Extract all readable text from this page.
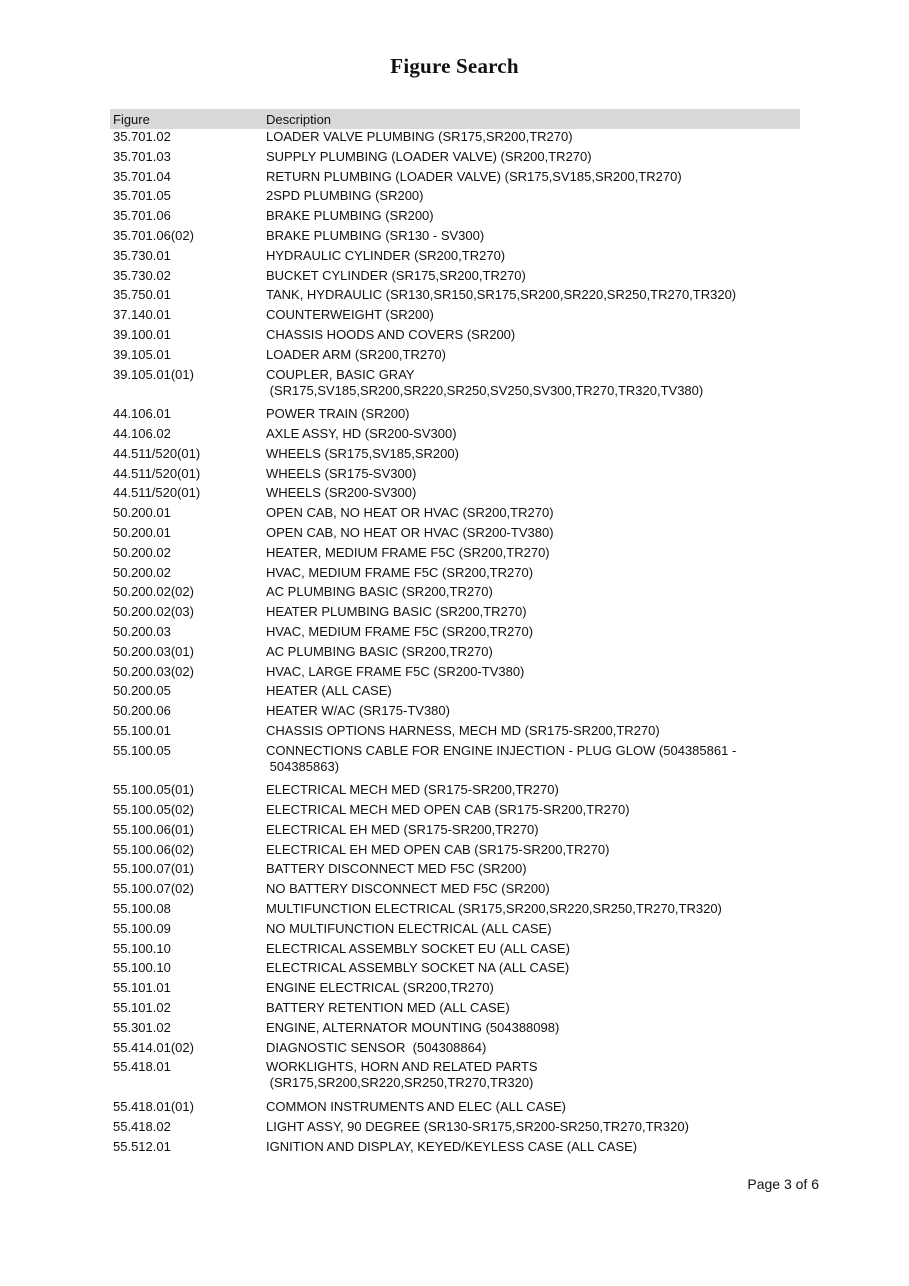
Figure Search
Figure	Description
35.701.02	LOADER VALVE PLUMBING (SR175,SR200,TR270)
35.701.03	SUPPLY PLUMBING (LOADER VALVE) (SR200,TR270)
35.701.04	RETURN PLUMBING (LOADER VALVE) (SR175,SV185,SR200,TR270)
35.701.05	2SPD PLUMBING (SR200)
35.701.06	BRAKE PLUMBING (SR200)
35.701.06(02)	BRAKE PLUMBING (SR130 - SV300)
35.730.01	HYDRAULIC CYLINDER (SR200,TR270)
35.730.02	BUCKET CYLINDER (SR175,SR200,TR270)
35.750.01	TANK, HYDRAULIC (SR130,SR150,SR175,SR200,SR220,SR250,TR270,TR320)
37.140.01	COUNTERWEIGHT (SR200)
39.100.01	CHASSIS HOODS AND COVERS (SR200)
39.105.01	LOADER ARM (SR200,TR270)
39.105.01(01)	COUPLER, BASIC GRAY
(SR175,SV185,SR200,SR220,SR250,SV250,SV300,TR270,TR320,TV380)
44.106.01	POWER TRAIN (SR200)
44.106.02	AXLE ASSY, HD (SR200-SV300)
44.511/520(01)	WHEELS (SR175,SV185,SR200)
44.511/520(01)	WHEELS (SR175-SV300)
44.511/520(01)	WHEELS (SR200-SV300)
50.200.01	OPEN CAB, NO HEAT OR HVAC (SR200,TR270)
50.200.01	OPEN CAB, NO HEAT OR HVAC (SR200-TV380)
50.200.02	HEATER, MEDIUM FRAME F5C (SR200,TR270)
50.200.02	HVAC, MEDIUM FRAME F5C (SR200,TR270)
50.200.02(02)	AC PLUMBING BASIC (SR200,TR270)
50.200.02(03)	HEATER PLUMBING BASIC (SR200,TR270)
50.200.03	HVAC, MEDIUM FRAME F5C (SR200,TR270)
50.200.03(01)	AC PLUMBING BASIC (SR200,TR270)
50.200.03(02)	HVAC, LARGE FRAME F5C (SR200-TV380)
50.200.05	HEATER (ALL CASE)
50.200.06	HEATER W/AC (SR175-TV380)
55.100.01	CHASSIS OPTIONS HARNESS, MECH MD (SR175-SR200,TR270)
55.100.05	CONNECTIONS CABLE FOR ENGINE INJECTION - PLUG GLOW (504385861 -
504385863)
55.100.05(01)	ELECTRICAL MECH MED (SR175-SR200,TR270)
55.100.05(02)	ELECTRICAL MECH MED OPEN CAB (SR175-SR200,TR270)
55.100.06(01)	ELECTRICAL EH MED (SR175-SR200,TR270)
55.100.06(02)	ELECTRICAL EH MED OPEN CAB (SR175-SR200,TR270)
55.100.07(01)	BATTERY DISCONNECT MED F5C (SR200)
55.100.07(02)	NO BATTERY DISCONNECT MED F5C (SR200)
55.100.08	MULTIFUNCTION ELECTRICAL (SR175,SR200,SR220,SR250,TR270,TR320)
55.100.09	NO MULTIFUNCTION ELECTRICAL (ALL CASE)
55.100.10	ELECTRICAL ASSEMBLY SOCKET EU (ALL CASE)
55.100.10	ELECTRICAL ASSEMBLY SOCKET NA (ALL CASE)
55.101.01	ENGINE ELECTRICAL (SR200,TR270)
55.101.02	BATTERY RETENTION MED (ALL CASE)
55.301.02	ENGINE, ALTERNATOR MOUNTING (504388098)
55.414.01(02)	DIAGNOSTIC SENSOR  (504308864)
55.418.01	WORKLIGHTS, HORN AND RELATED PARTS
(SR175,SR200,SR220,SR250,TR270,TR320)
55.418.01(01)	COMMON INSTRUMENTS AND ELEC (ALL CASE)
55.418.02	LIGHT ASSY, 90 DEGREE (SR130-SR175,SR200-SR250,TR270,TR320)
55.512.01	IGNITION AND DISPLAY, KEYED/KEYLESS CASE (ALL CASE)
Page 3 of 6
